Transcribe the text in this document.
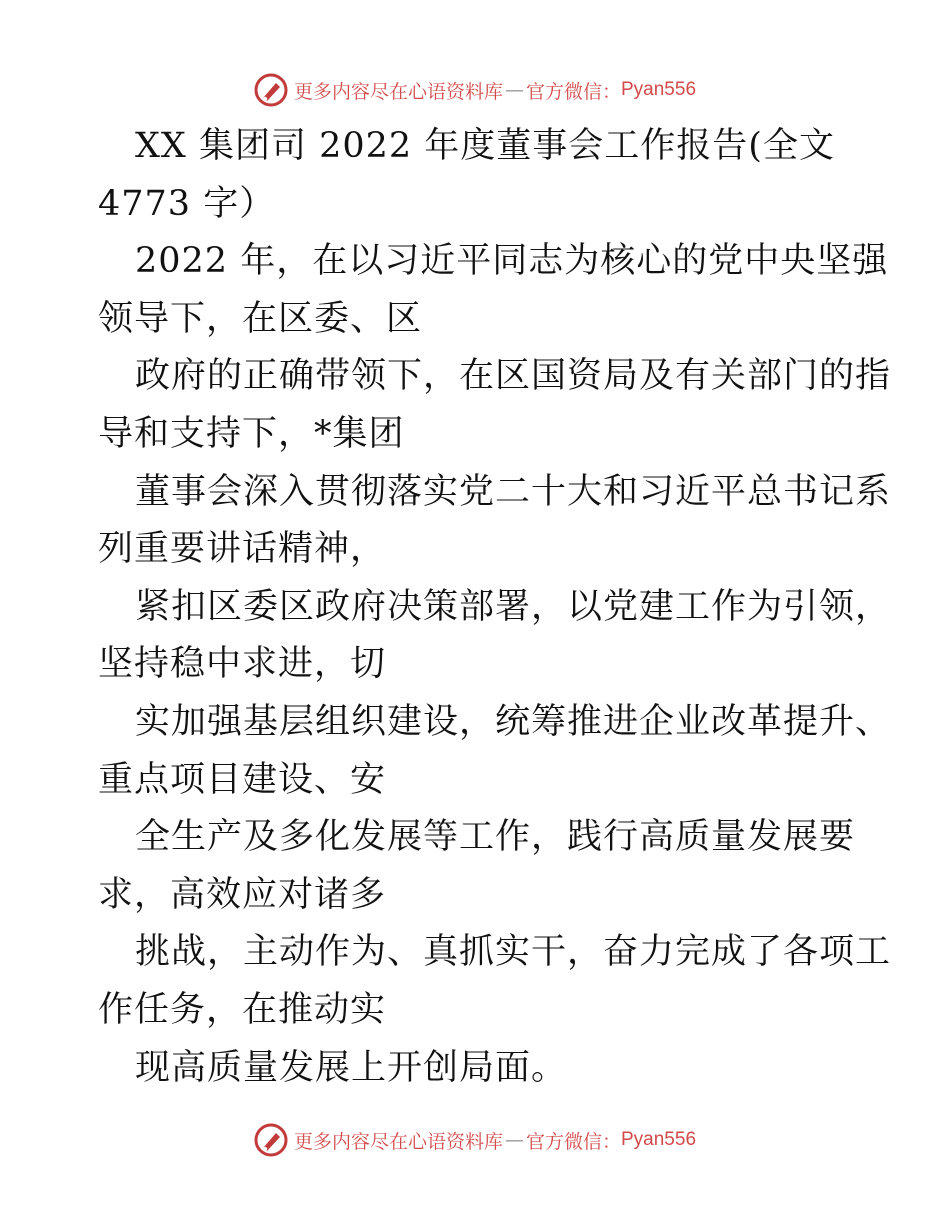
更多内容尽在心语资料库 — 官方微信： Pyan556
XX 集团司 2022 年度董事会工作报告(全文
4773 字）
2022 年，在以习近平同志为核心的党中央坚强
领导下，在区委、区
政府的正确带领下，在区国资局及有关部门的指
导和支持下，*集团
董事会深入贯彻落实党二十大和习近平总书记系
列重要讲话精神，
紧扣区委区政府决策部署，以党建工作为引领，
坚持稳中求进，切
实加强基层组织建设，统筹推进企业改革提升、
重点项目建设、安
全生产及多化发展等工作，践行高质量发展要
求，高效应对诸多
挑战，主动作为、真抓实干，奋力完成了各项工
作任务，在推动实
现高质量发展上开创局面。
更多内容尽在心语资料库 — 官方微信： Pyan556
